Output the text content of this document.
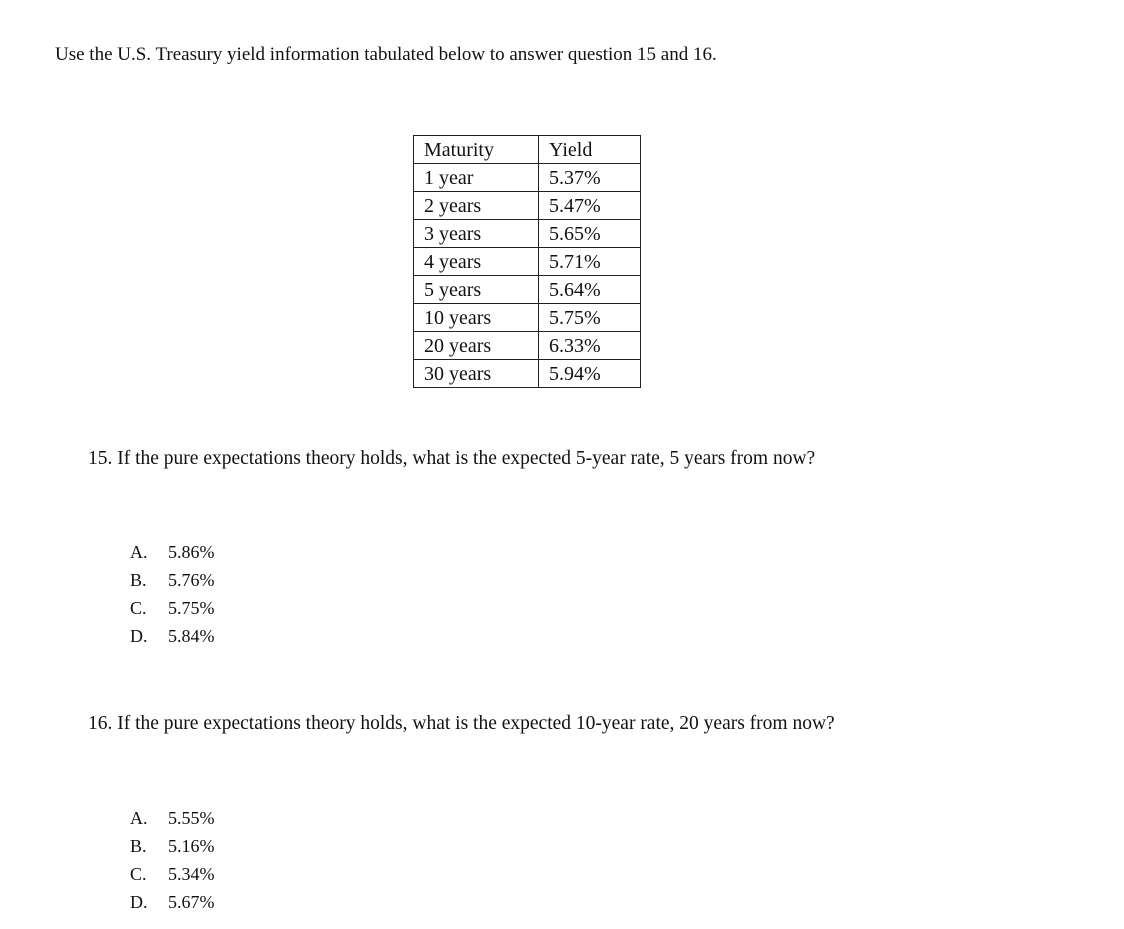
Use the U.S. Treasury yield information tabulated below to answer question 15 and 16.
Maturity	Yield
1 year	5.37%
2 years	5.47%
3 years	5.65%
4 years	5.71%
5 years	5.64%
10 years	5.75%
20 years	6.33%
30 years	5.94%
15. If the pure expectations theory holds, what is the expected 5-year rate, 5 years from now?
A. 5.86%
B. 5.76%
C. 5.75%
D. 5.84%
16. If the pure expectations theory holds, what is the expected 10-year rate, 20 years from now?
A. 5.55%
B. 5.16%
C. 5.34%
D. 5.67%
